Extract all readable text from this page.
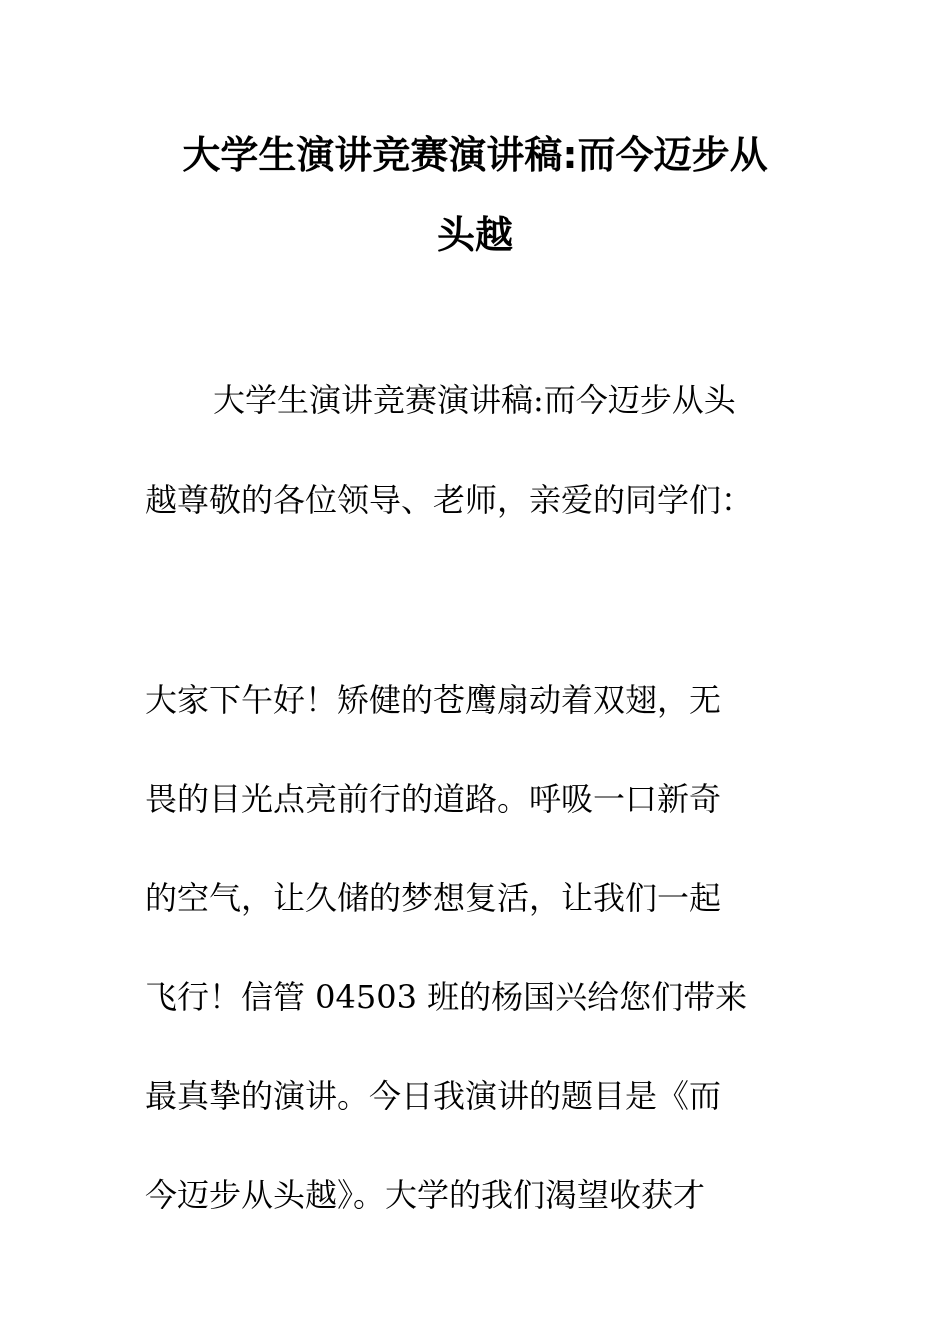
大学生演讲竞赛演讲稿:而今迈步从
头越

大学生演讲竞赛演讲稿:而今迈步从头

越尊敬的各位领导、老师，亲爱的同学们：

大家下午好！矫健的苍鹰扇动着双翅，无

畏的目光点亮前行的道路。呼吸一口新奇

的空气，让久储的梦想复活，让我们一起

飞行！信管 04503 班的杨国兴给您们带来

最真挚的演讲。今日我演讲的题目是《而

今迈步从头越》。大学的我们渴望收获才
